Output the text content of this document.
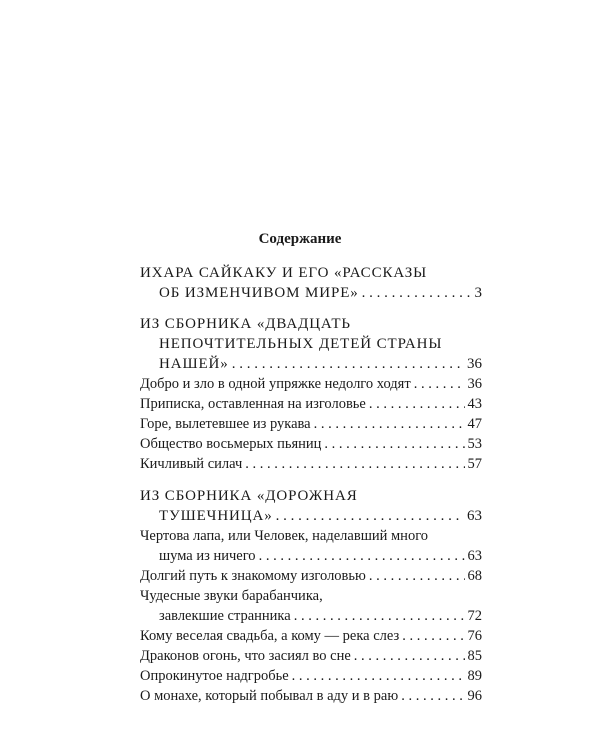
Содержание
ИХАРА САЙКАКУ И ЕГО «РАССКАЗЫ
ОБ ИЗМЕНЧИВОМ МИРЕ» . . .	3
ИЗ СБОРНИКА «ДВАДЦАТЬ
НЕПОЧТИТЕЛЬНЫХ ДЕТЕЙ СТРАНЫ
НАШЕЙ» . . .	36
Добро и зло в одной упряжке недолго ходят . . .	36
Приписка, оставленная на изголовье . . .	43
Горе, вылетевшее из рукава . . .	47
Общество восьмерых пьяниц . . .	53
Кичливый силач . . .	57
ИЗ СБОРНИКА «ДОРОЖНАЯ
ТУШЕЧНИЦА» . . .	63
Чертова лапа, или Человек, наделавший много
шума из ничего . . .	63
Долгий путь к знакомому изголовью . . .	68
Чудесные звуки барабанчика,
завлекшие странника . . .	72
Кому веселая свадьба, а кому — река слез . . .	76
Драконов огонь, что засиял во сне . . .	85
Опрокинутое надгробье . . .	89
О монахе, который побывал в аду и в раю . . .	96
